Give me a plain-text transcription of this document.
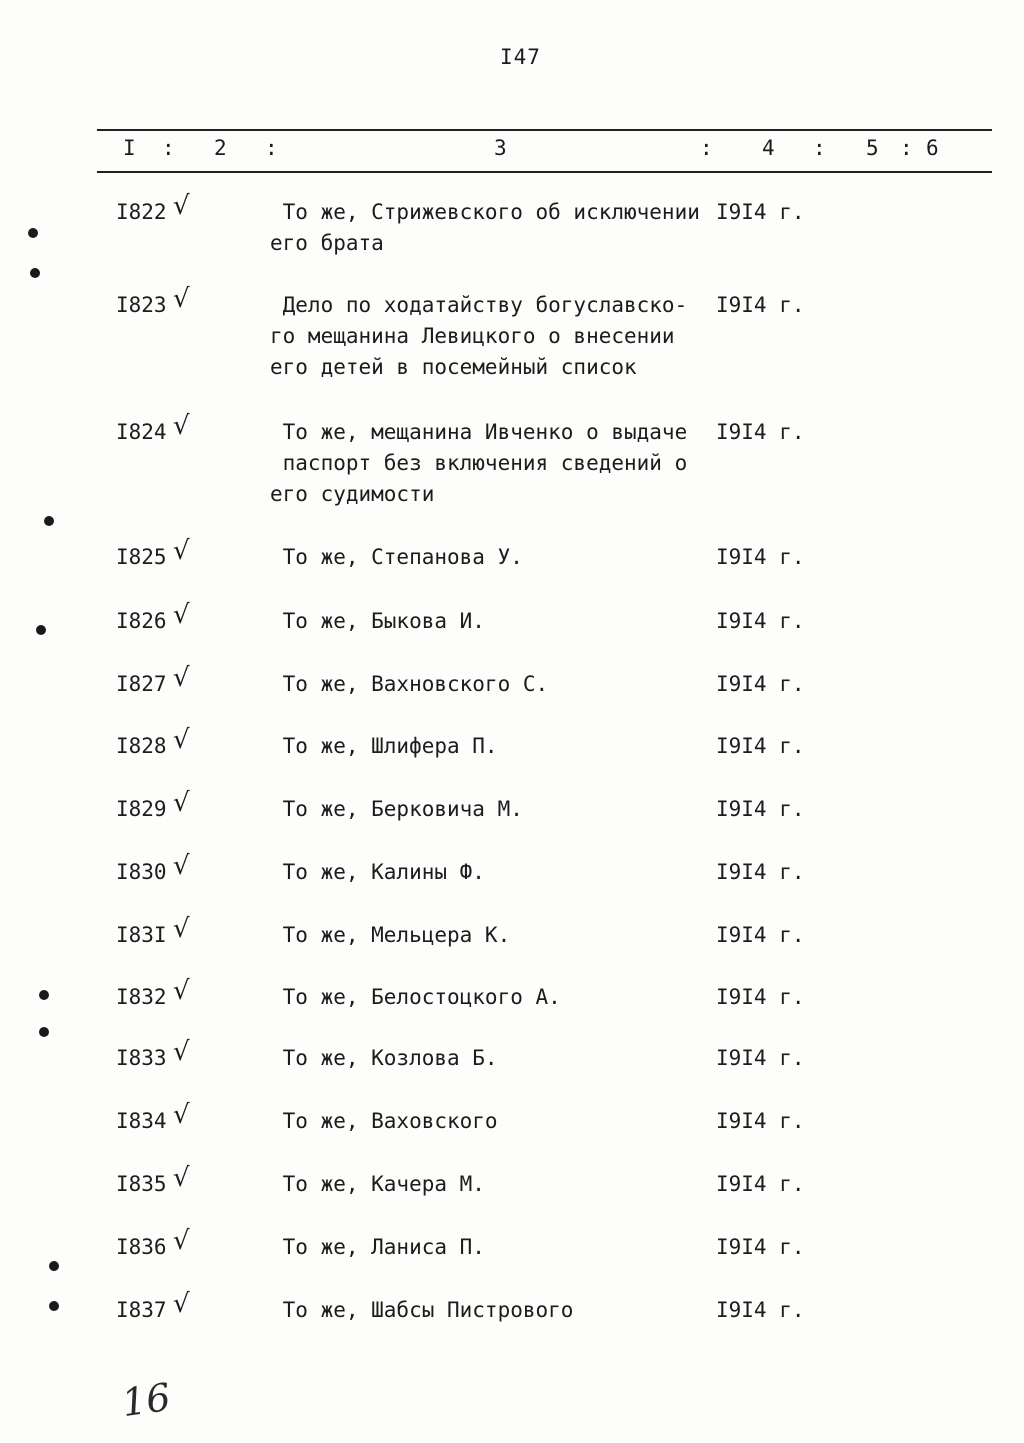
I47
I : 2 :	3	: 4 : 5 : 6
I822 √	То же, Стрижевского об исключении
его брата
I9I4 г.
I823 √	Дело по ходатайству богуславско-
го мещанина Левицкого о внесении
его детей в посемейный список
I9I4 г.
I824 √	То же, мещанина Ивченко о выдаче
паспорт без включения сведений о
его судимости
I9I4 г.
I825 √	То же, Степанова У.	I9I4 г.
I826 √	То же, Быкова И.	I9I4 г.
I827 √	То же, Вахновского С.	I9I4 г.
I828 √	То же, Шлифера П.	I9I4 г.
I829 √	То же, Берковича М.	I9I4 г.
I830 √	То же, Калины Ф.	I9I4 г.
I83I √	То же, Мельцера К.	I9I4 г.
I832 √	То же, Белостоцкого А.	I9I4 г.
I833 √	То же, Козлова Б.	I9I4 г.
I834 √	То же, Ваховского	I9I4 г.
I835 √	То же, Качера М.	I9I4 г.
I836 √	То же, Ланиса П.	I9I4 г.
I837 √	То же, Шабсы Пистрового	I9I4 г.
16
